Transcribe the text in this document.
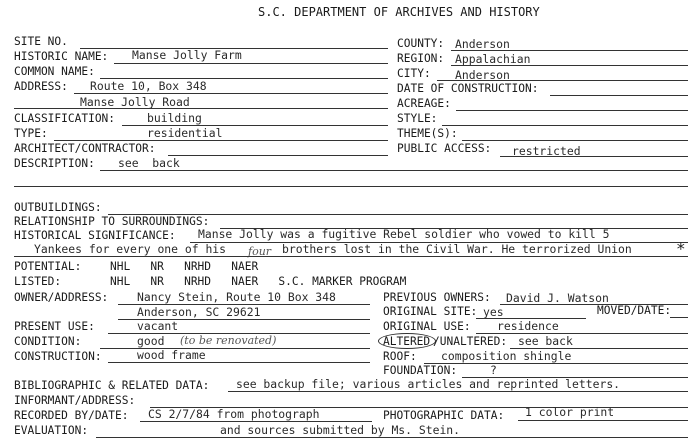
S.C. DEPARTMENT OF ARCHIVES AND HISTORY
SITE NO.
HISTORIC NAME: Manse Jolly Farm
COMMON NAME:
ADDRESS: Route 10, Box 348
Manse Jolly Road
CLASSIFICATION:	building
TYPE:	residential
ARCHITECT/CONTRACTOR:
DESCRIPTION: see  back
COUNTY: Anderson
REGION: Appalachian
CITY: Anderson
DATE OF CONSTRUCTION:
ACREAGE:
STYLE:
THEME(S):
PUBLIC ACCESS: restricted
OUTBUILDINGS:
RELATIONSHIP TO SURROUNDINGS:
HISTORICAL SIGNIFICANCE: Manse Jolly was a fugitive Rebel soldier who vowed to kill 5
Yankees for every one of his four brothers lost in the Civil War. He terrorized Union	*
POTENTIAL:	NHL   NR   NRHD   NAER
LISTED:	NHL   NR   NRHD   NAER   S.C. MARKER PROGRAM
OWNER/ADDRESS:	Nancy Stein, Route 10 Box 348
Anderson, SC 29621
PRESENT USE:	vacant
CONDITION:	good (to be renovated)
CONSTRUCTION:	wood frame
PREVIOUS OWNERS: David J. Watson
ORIGINAL SITE: yes	MOVED/DATE:
ORIGINAL USE: residence
ALTERED /UNALTERED: see back
ROOF: composition shingle
FOUNDATION:	?
BIBLIOGRAPHIC & RELATED DATA: see backup file; various articles and reprinted letters.
INFORMANT/ADDRESS:
RECORDED BY/DATE: CS 2/7/84 from photograph	PHOTOGRAPHIC DATA: 1 color print
EVALUATION:	and sources submitted by Ms. Stein.
